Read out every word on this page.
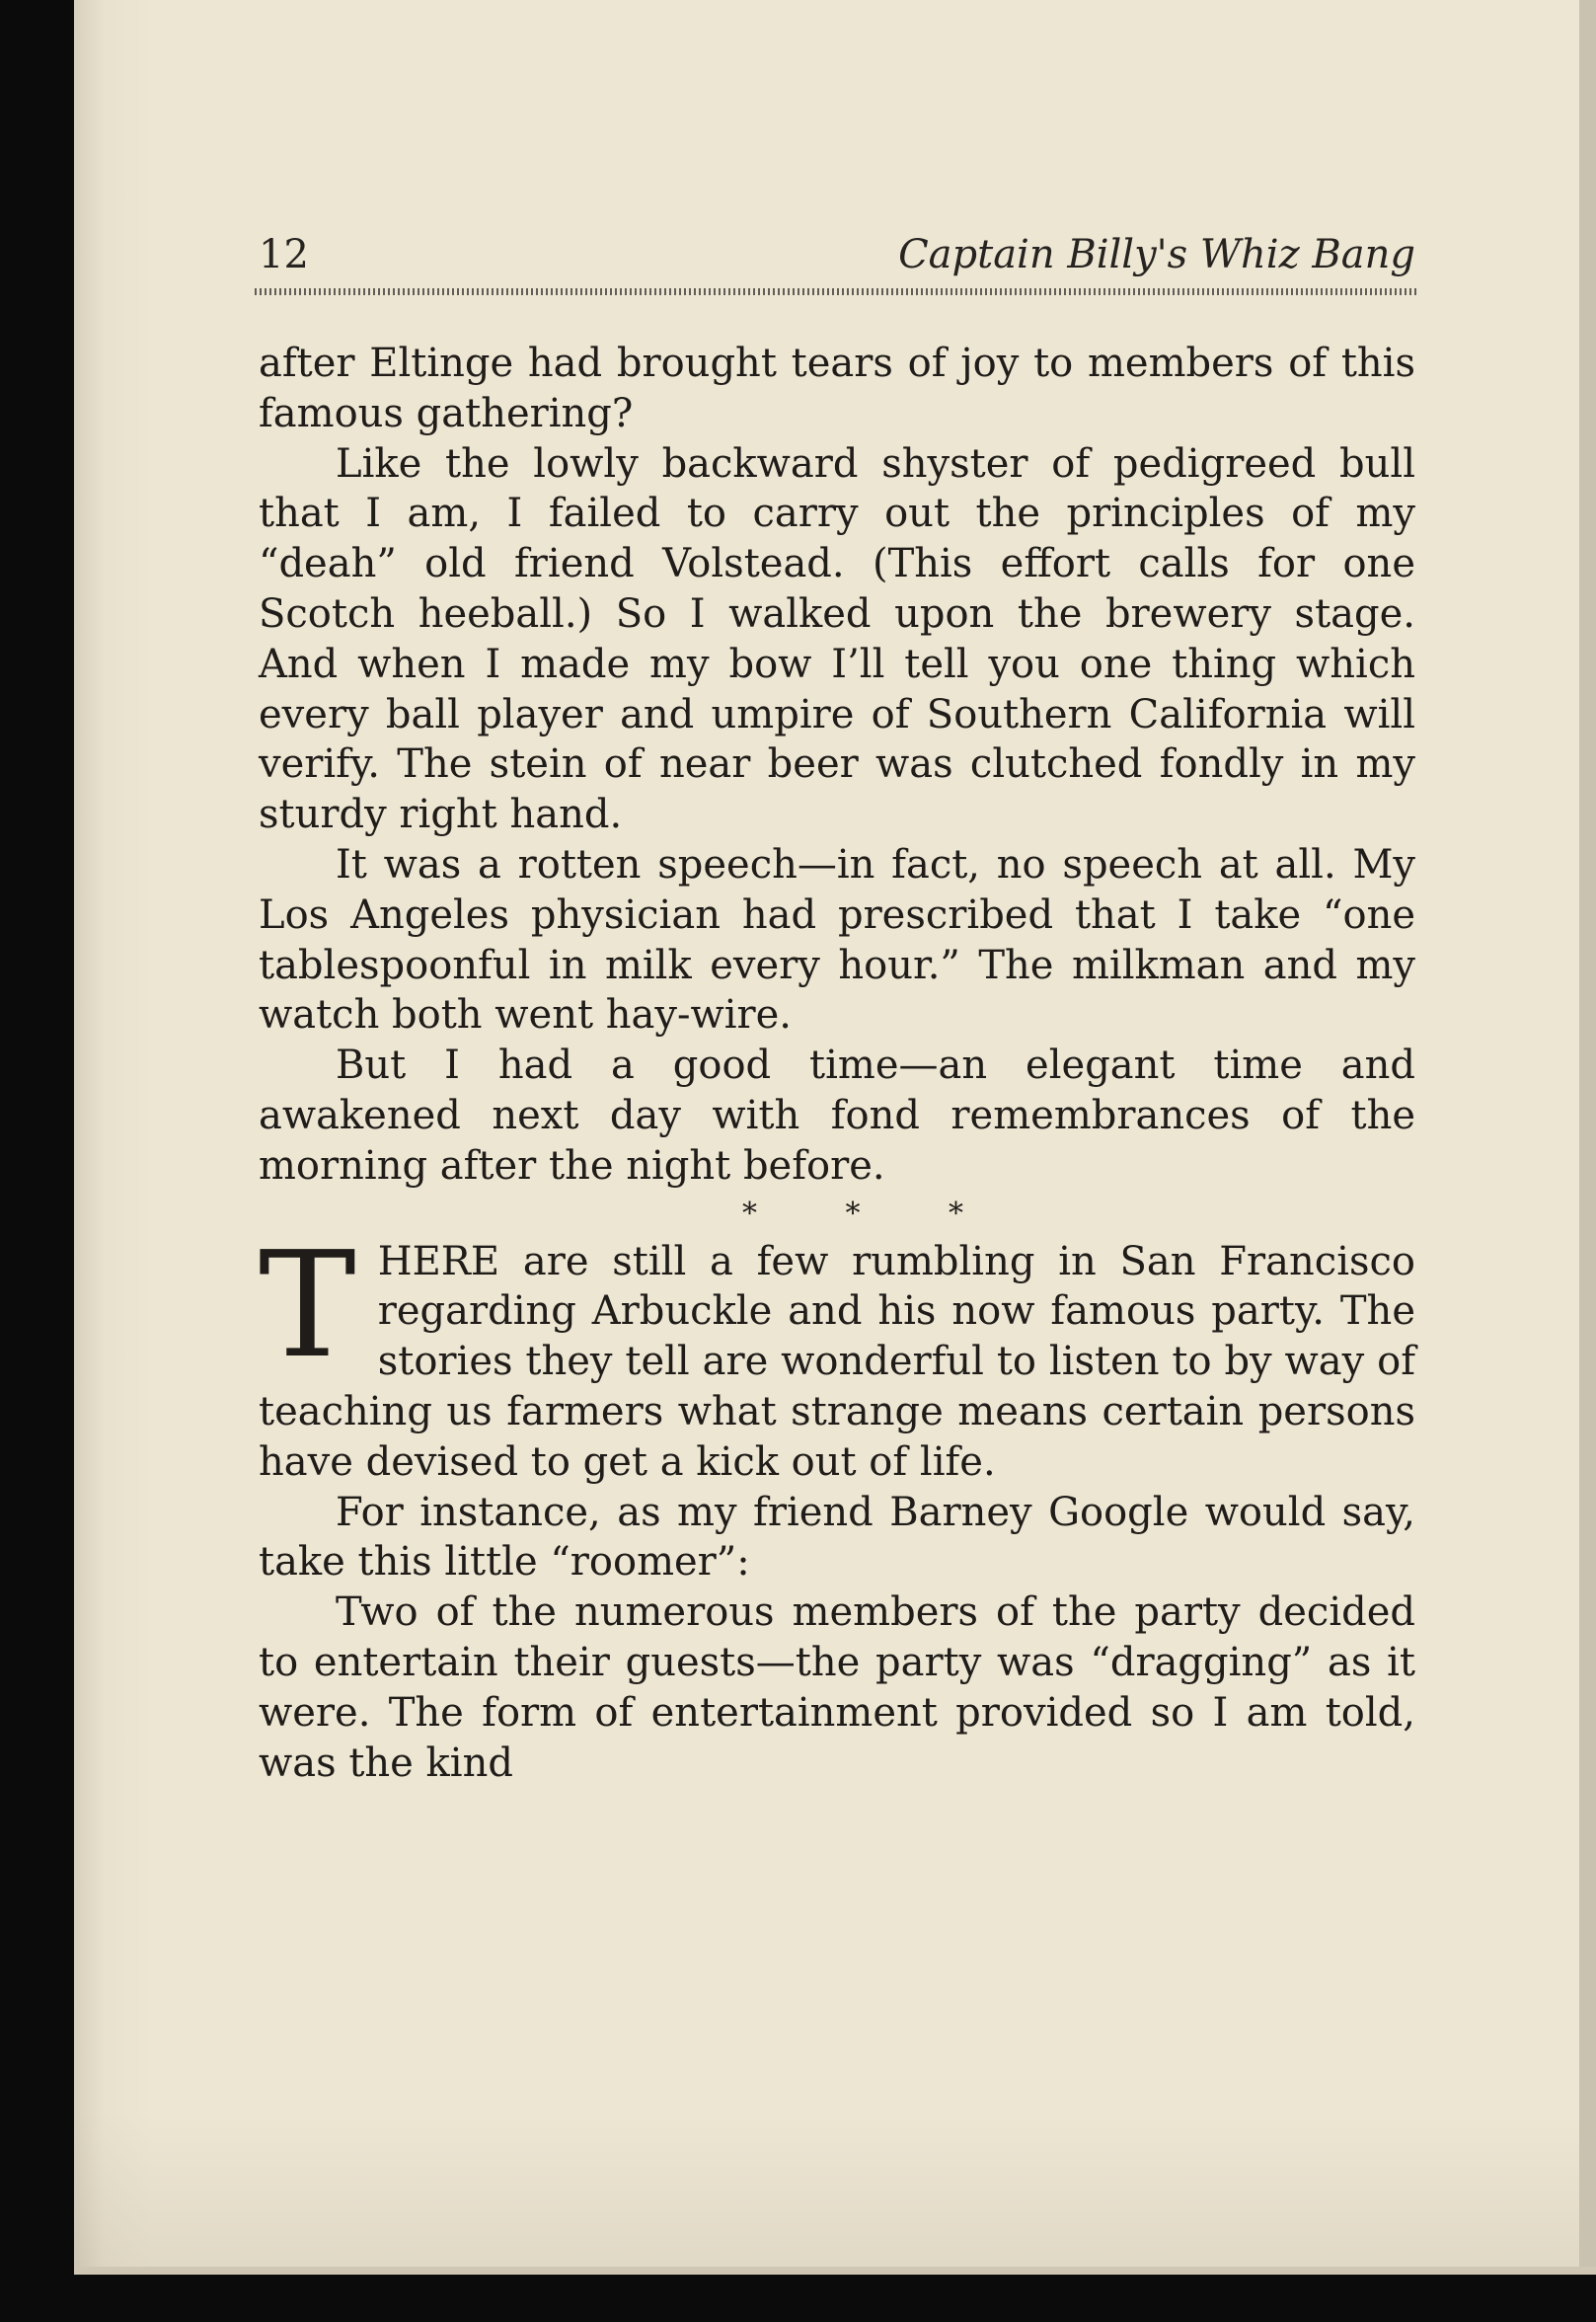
12	Captain Billy's Whiz Bang

after Eltinge had brought tears of joy to members of this famous gathering?

Like the lowly backward shyster of pedigreed bull that I am, I failed to carry out the principles of my “deah” old friend Volstead. (This effort calls for one Scotch heeball.) So I walked upon the brewery stage. And when I made my bow I’ll tell you one thing which every ball player and umpire of Southern California will verify. The stein of near beer was clutched fondly in my sturdy right hand.

It was a rotten speech—in fact, no speech at all. My Los Angeles physician had prescribed that I take “one tablespoonful in milk every hour.” The milkman and my watch both went hay-wire.

But I had a good time—an elegant time and awakened next day with fond remembrances of the morning after the night before.

* * *

T HERE are still a few rumbling in San Francisco regarding Arbuckle and his now famous party. The stories they tell are wonderful to listen to by way of teaching us farmers what strange means certain persons have devised to get a kick out of life.

For instance, as my friend Barney Google would say, take this little “roomer”:

Two of the numerous members of the party decided to entertain their guests—the party was “dragging” as it were. The form of entertainment provided so I am told, was the kind
